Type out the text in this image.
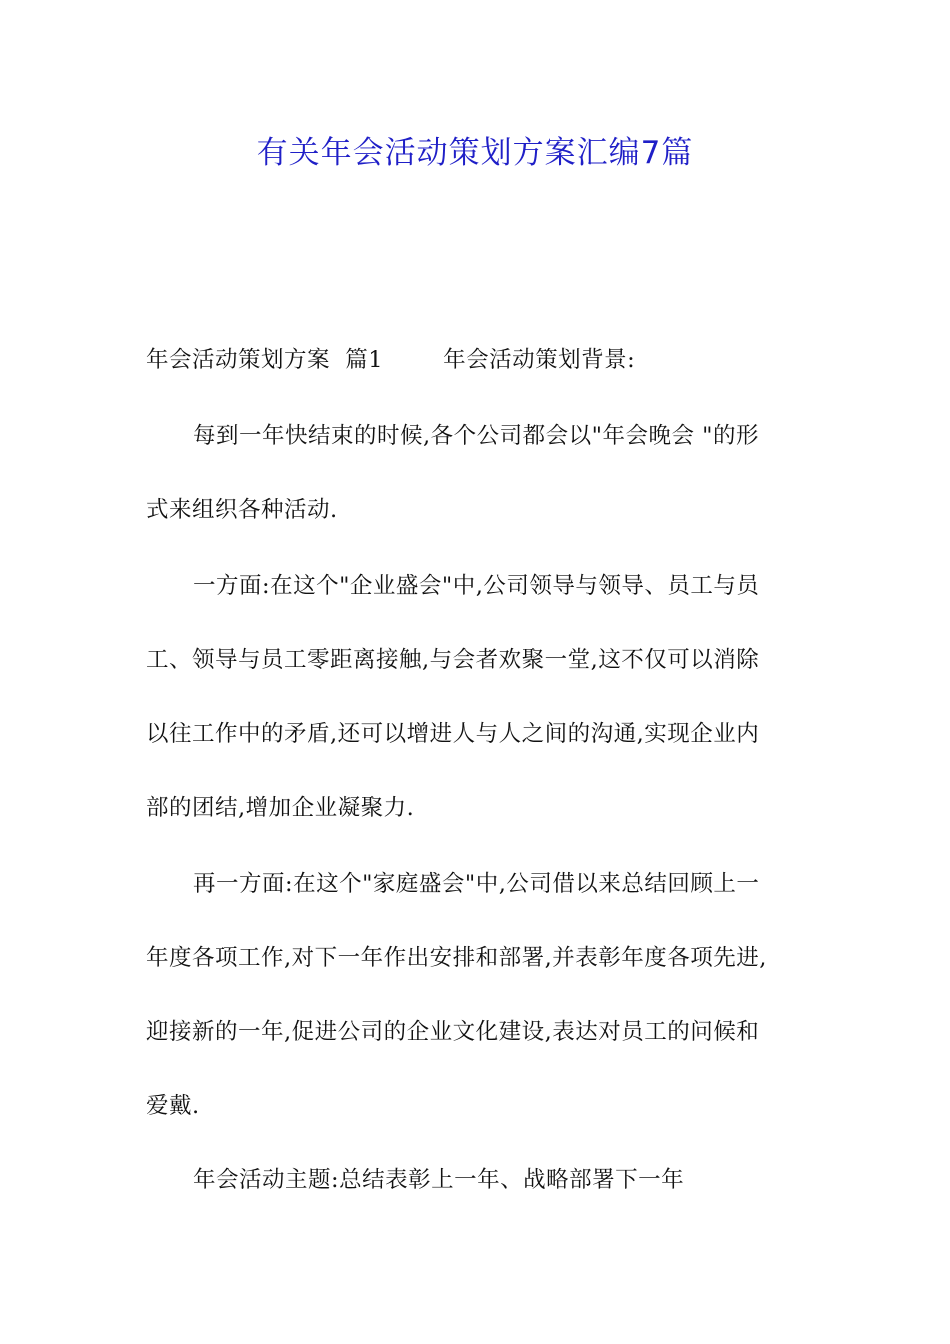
有关年会活动策划方案汇编7篇
年会活动策划方案  篇1	年会活动策划背景:
每到一年快结束的时候,各个公司都会以"年会晚会 "的形
式来组织各种活动.
一方面:在这个"企业盛会"中,公司领导与领导、员工与员
工、领导与员工零距离接触,与会者欢聚一堂,这不仅可以消除
以往工作中的矛盾,还可以增进人与人之间的沟通,实现企业内
部的团结,增加企业凝聚力.
再一方面:在这个"家庭盛会"中,公司借以来总结回顾上一
年度各项工作,对下一年作出安排和部署,并表彰年度各项先进,
迎接新的一年,促进公司的企业文化建设,表达对员工的问候和
爱戴.
年会活动主题:总结表彰上一年、战略部署下一年
